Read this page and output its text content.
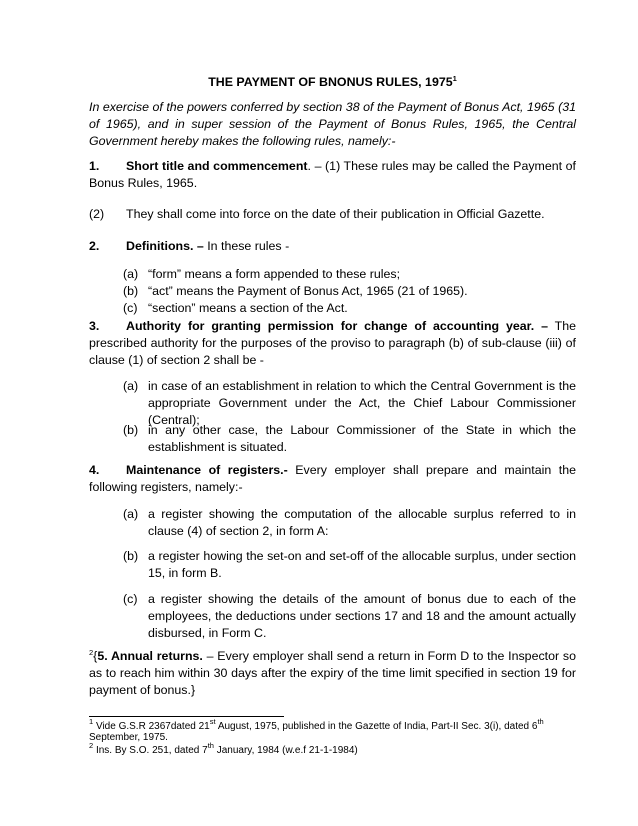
THE PAYMENT OF BNONUS RULES, 1975$^1$
In exercise of the powers conferred by section 38 of the Payment of Bonus Act, 1965 (31 of 1965), and in super session of the Payment of Bonus Rules, 1965, the Central Government hereby makes the following rules, namely:-
1. Short title and commencement. – (1) These rules may be called the Payment of Bonus Rules, 1965.
(2) They shall come into force on the date of their publication in Official Gazette.
2. Definitions. – In these rules -
(a) “form” means a form appended to these rules;
(b) “act” means the Payment of Bonus Act, 1965 (21 of 1965).
(c) “section” means a section of the Act.
3. Authority for granting permission for change of accounting year. – The prescribed authority for the purposes of the proviso to paragraph (b) of sub-clause (iii) of clause (1) of section 2 shall be -
(a) in case of an establishment in relation to which the Central Government is the appropriate Government under the Act, the Chief Labour Commissioner (Central);
(b) in any other case, the Labour Commissioner of the State in which the establishment is situated.
4. Maintenance of registers.- Every employer shall prepare and maintain the following registers, namely:-
(a) a register showing the computation of the allocable surplus referred to in clause (4) of section 2, in form A:
(b) a register howing the set-on and set-off of the allocable surplus, under section 15, in form B.
(c) a register showing the details of the amount of bonus due to each of the employees, the deductions under sections 17 and 18 and the amount actually disbursed, in Form C.
$^2${5. Annual returns. – Every employer shall send a return in Form D to the Inspector so as to reach him within 30 days after the expiry of the time limit specified in section 19 for payment of bonus.}
$^1$ Vide G.S.R 2367dated 21st August, 1975, published in the Gazette of India, Part-II Sec. 3(i), dated 6th September, 1975.
$^2$ Ins. By S.O. 251, dated 7th January, 1984 (w.e.f 21-1-1984)
